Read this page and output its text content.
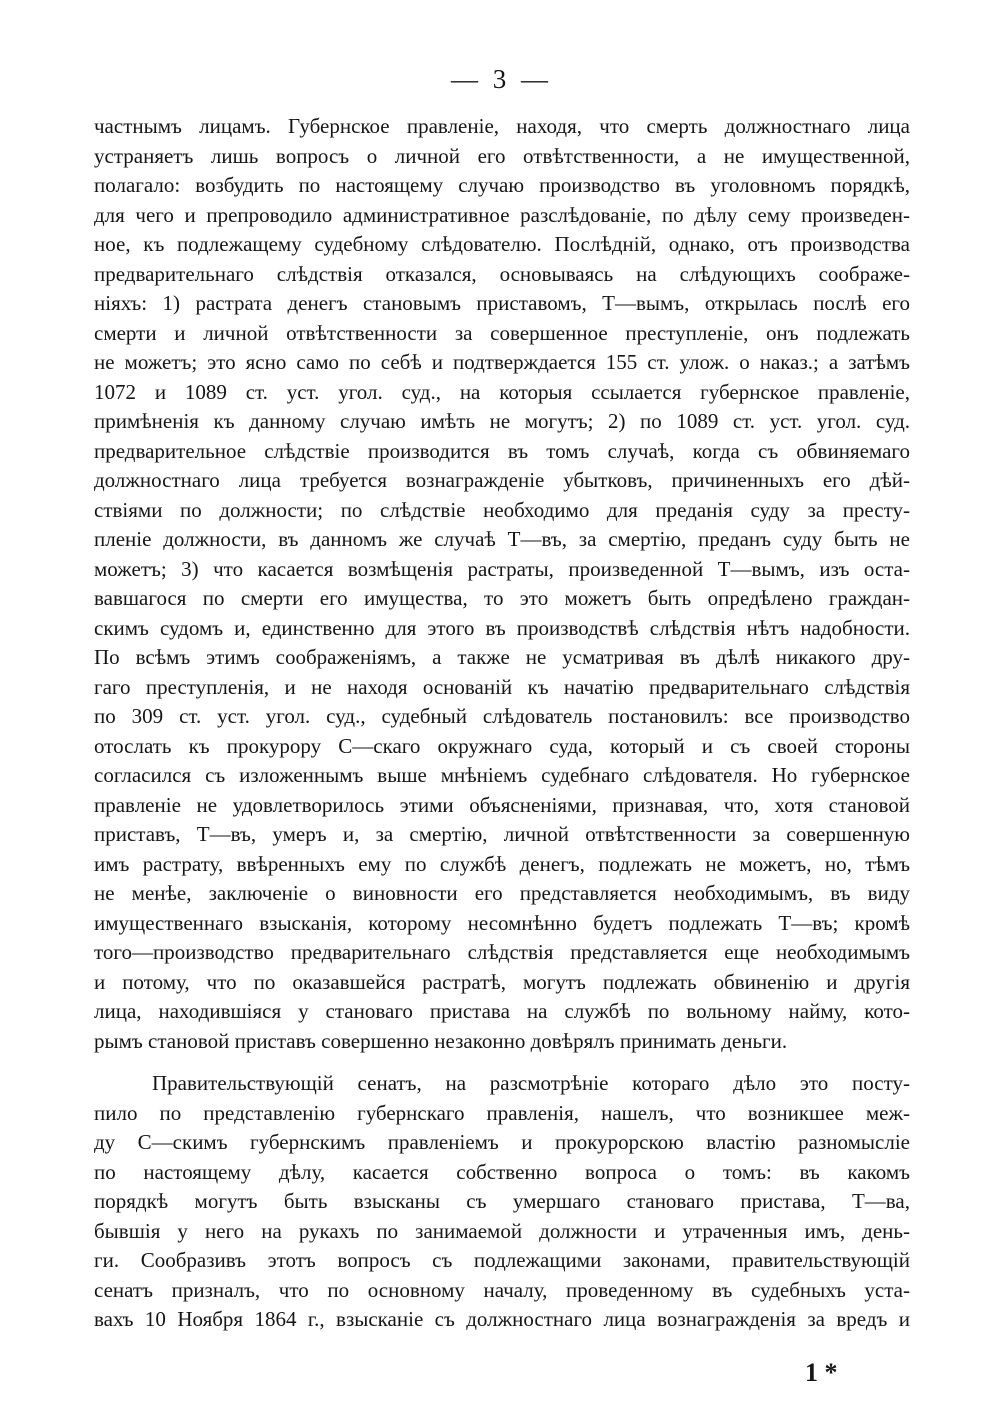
— 3 —
частнымъ лицамъ. Губернское правленіе, находя, что смерть должностнаго лица
устраняетъ лишь вопросъ о личной его отвѣтственности, а не имущественной,
полагало: возбудить по настоящему случаю производство въ уголовномъ порядкѣ,
для чего и препроводило административное разслѣдованіе, по дѣлу сему произведен-
ное, къ подлежащему судебному слѣдователю. Послѣдній, однако, отъ производства
предварительнаго слѣдствія отказался, основываясь на слѣдующихъ соображе-
ніяхъ: 1) растрата денегъ становымъ приставомъ, Т—вымъ, открылась послѣ его
смерти и личной отвѣтственности за совершенное преступленіе, онъ подлежать
не можетъ; это ясно само по себѣ и подтверждается 155 ст. улож. о наказ.; а затѣмъ
1072 и 1089 ст. уст. угол. суд., на которыя ссылается губернское правленіе,
примѣненія къ данному случаю имѣть не могутъ; 2) по 1089 ст. уст. угол. суд.
предварительное слѣдствіе производится въ томъ случаѣ, когда съ обвиняемаго
должностнаго лица требуется вознагражденіе убытковъ, причиненныхъ его дѣй-
ствіями по должности; по слѣдствіе необходимо для преданія суду за престу-
пленіе должности, въ данномъ же случаѣ Т—въ, за смертію, преданъ суду быть не
можетъ; 3) что касается возмѣщенія растраты, произведенной Т—вымъ, изъ оста-
вавшагося по смерти его имущества, то это можетъ быть опредѣлено граждан-
скимъ судомъ и, единственно для этого въ производствѣ слѣдствія нѣтъ надобности.
По всѣмъ этимъ соображеніямъ, а также не усматривая въ дѣлѣ никакого дру-
гаго преступленія, и не находя основаній къ начатію предварительнаго слѣдствія
по 309 ст. уст. угол. суд., судебный слѣдователь постановилъ: все производство
отослать къ прокурору С—скаго окружнаго суда, который и съ своей стороны
согласился съ изложеннымъ выше мнѣніемъ судебнаго слѣдователя. Но губернское
правленіе не удовлетворилось этими объясненіями, признавая, что, хотя становой
приставъ, Т—въ, умеръ и, за смертію, личной отвѣтственности за совершенную
имъ растрату, ввѣренныхъ ему по службѣ денегъ, подлежать не можетъ, но, тѣмъ
не менѣе, заключеніе о виновности его представляется необходимымъ, въ виду
имущественнаго взысканія, которому несомнѣнно будетъ подлежать Т—въ; кромѣ
того—производство предварительнаго слѣдствія представляется еще необходимымъ
и потому, что по оказавшейся растратѣ, могутъ подлежать обвиненію и другія
лица, находившіяся у становаго пристава на службѣ по вольному найму, кото-
рымъ становой приставъ совершенно незаконно довѣрялъ принимать деньги.
Правительствующій сенатъ, на разсмотрѣніе котораго дѣло это посту-
пило по представленію губернскаго правленія, нашелъ, что возникшее меж-
ду С—скимъ губернскимъ правленіемъ и прокурорскою властію разномысліе
по настоящему дѣлу, касается собственно вопроса о томъ: въ какомъ
порядкѣ могутъ быть взысканы съ умершаго становаго пристава, Т—ва,
бывшія у него на рукахъ по занимаемой должности и утраченныя имъ, день-
ги. Сообразивъ этотъ вопросъ съ подлежащими законами, правительствующій
сенатъ призналъ, что по основному началу, проведенному въ судебныхъ уста-
вахъ 10 Ноября 1864 г., взысканіе съ должностнаго лица вознагражденія за вредъ и
1 *
